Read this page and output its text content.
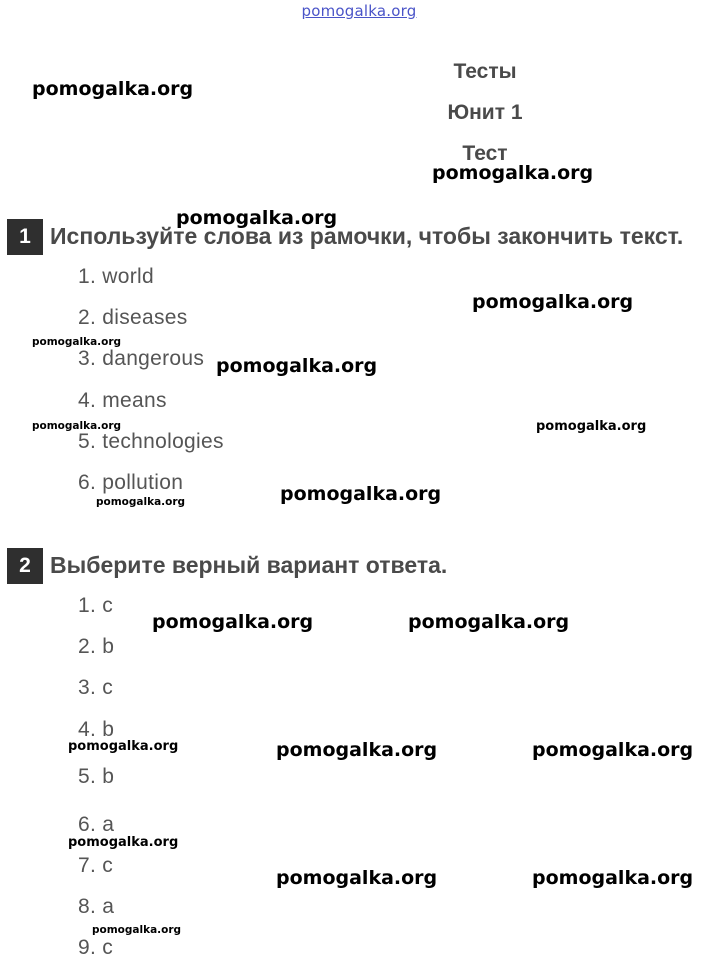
pomogalka.org
Тесты
Юнит 1
Тест
1 Используйте слова из рамочки, чтобы закончить текст.
1. world
2. diseases
3. dangerous
4. means
5. technologies
6. pollution
2 Выберите верный вариант ответа.
1. c
2. b
3. c
4. b
5. b
6. a
7. c
8. a
9. c
pomogalka.org
pomogalka.org
pomogalka.org
pomogalka.org
pomogalka.org
pomogalka.org
pomogalka.org	pomogalka.org
pomogalka.org	pomogalka.org
pomogalka.org	pomogalka.org
pomogalka.org
pomogalka.org
pomogalka.org
pomogalka.org
pomogalka.org
pomogalka.org
pomogalka.org
